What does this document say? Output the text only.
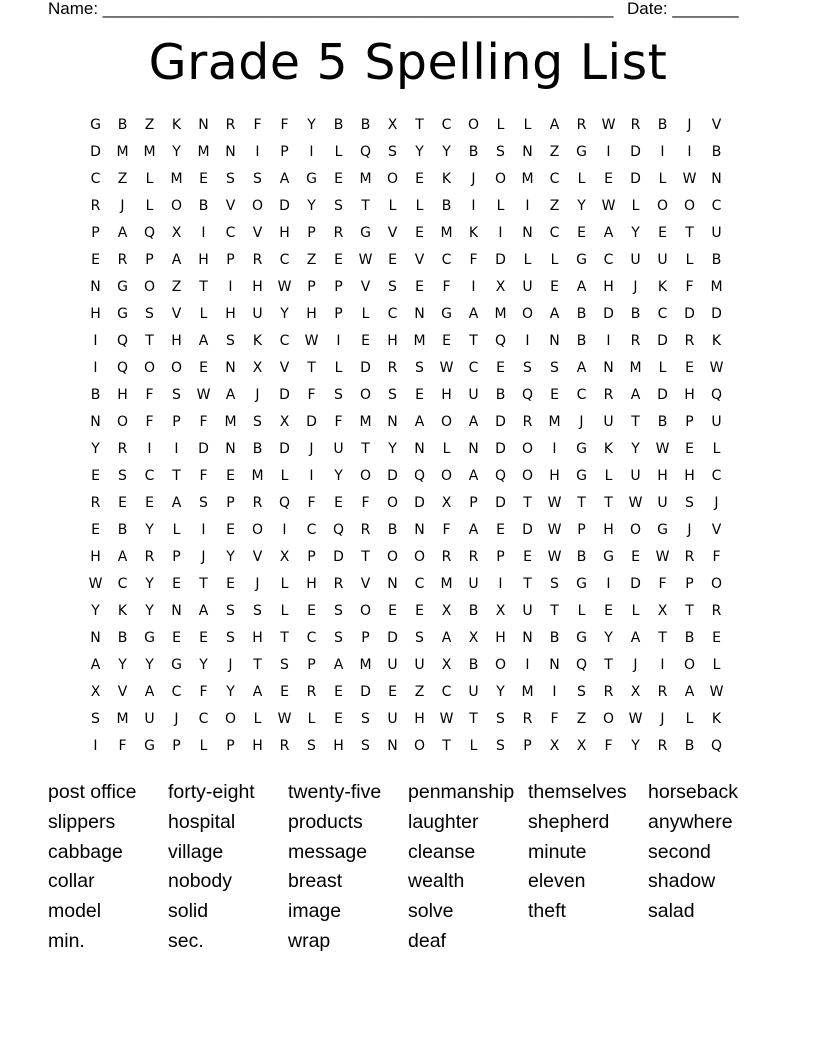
Name: ______________________________________________________ Date: _______
Grade 5 Spelling List
G	B	Z	K	N	R	F	F	Y	B	B	X	T	C	O	L	L	A	R	W	R	B	J	V
D	M	M	Y	M	N	I	P	I	L	Q	S	Y	Y	B	S	N	Z	G	I	D	I	I	B
C	Z	L	M	E	S	S	A	G	E	M	O	E	K	J	O	M	C	L	E	D	L	W	N
R	J	L	O	B	V	O	D	Y	S	T	L	L	B	I	L	I	Z	Y	W	L	O	O	C
P	A	Q	X	I	C	V	H	P	R	G	V	E	M	K	I	N	C	E	A	Y	E	T	U
E	R	P	A	H	P	R	C	Z	E	W	E	V	C	F	D	L	L	G	C	U	U	L	B
N	G	O	Z	T	I	H	W	P	P	V	S	E	F	I	X	U	E	A	H	J	K	F	M
H	G	S	V	L	H	U	Y	H	P	L	C	N	G	A	M	O	A	B	D	B	C	D	D
I	Q	T	H	A	S	K	C	W	I	E	H	M	E	T	Q	I	N	B	I	R	D	R	K
I	Q	O	O	E	N	X	V	T	L	D	R	S	W	C	E	S	S	A	N	M	L	E	W
B	H	F	S	W	A	J	D	F	S	O	S	E	H	U	B	Q	E	C	R	A	D	H	Q
N	O	F	P	F	M	S	X	D	F	M	N	A	O	A	D	R	M	J	U	T	B	P	U
Y	R	I	I	D	N	B	D	J	U	T	Y	N	L	N	D	O	I	G	K	Y	W	E	L
E	S	C	T	F	E	M	L	I	Y	O	D	Q	O	A	Q	O	H	G	L	U	H	H	C
R	E	E	A	S	P	R	Q	F	E	F	O	D	X	P	D	T	W	T	T	W	U	S	J
E	B	Y	L	I	E	O	I	C	Q	R	B	N	F	A	E	D	W	P	H	O	G	J	V
H	A	R	P	J	Y	V	X	P	D	T	O	O	R	R	P	E	W	B	G	E	W	R	F
W	C	Y	E	T	E	J	L	H	R	V	N	C	M	U	I	T	S	G	I	D	F	P	O
Y	K	Y	N	A	S	S	L	E	S	O	E	E	X	B	X	U	T	L	E	L	X	T	R
N	B	G	E	E	S	H	T	C	S	P	D	S	A	X	H	N	B	G	Y	A	T	B	E
A	Y	Y	G	Y	J	T	S	P	A	M	U	U	X	B	O	I	N	Q	T	J	I	O	L
X	V	A	C	F	Y	A	E	R	E	D	E	Z	C	U	Y	M	I	S	R	X	R	A	W
S	M	U	J	C	O	L	W	L	E	S	U	H	W	T	S	R	F	Z	O	W	J	L	K
I	F	G	P	L	P	H	R	S	H	S	N	O	T	L	S	P	X	X	F	Y	R	B	Q
post office	forty-eight	twenty-five	penmanship themselves	horseback
slippers	hospital	products	laughter	shepherd	anywhere
cabbage	village	message	cleanse	minute	second
collar	nobody	breast	wealth	eleven	shadow
model	solid	image	solve	theft	salad
min.	sec.	wrap	deaf
